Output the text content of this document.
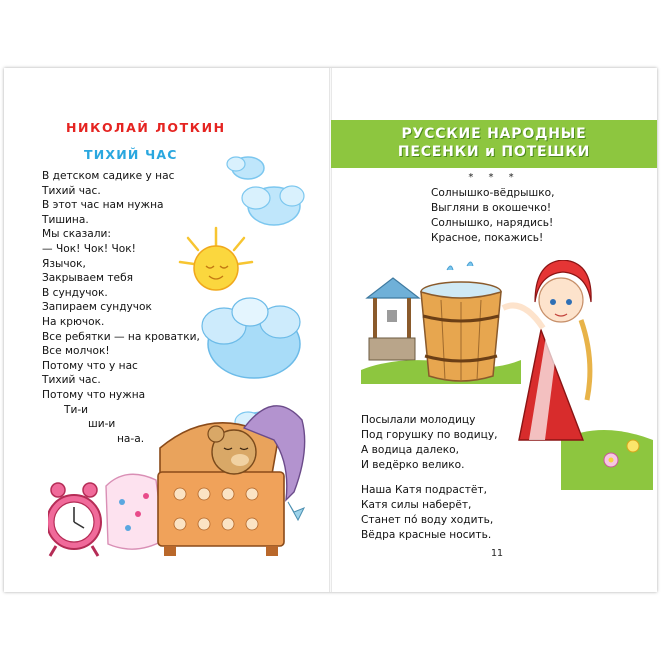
НИКОЛАЙ ЛОТКИН
ТИХИЙ ЧАС
В детском садике у нас
Тихий час.
В этот час нам нужна
Тишина.
Мы сказали:
— Чок! Чок! Чок!
Язычок,
Закрываем тебя
В сундучок.
Запираем сундучок
На крючок.
Все ребятки — на кроватки,
Все молчок!
Потому что у нас
Тихий час.
Потому что нужна
Ти-и
ши-и
на-а.
РУССКИЕ НАРОДНЫЕ
ПЕСЕНКИ и ПОТЕШКИ
* * *
Солнышко-вёдрышко,
Выгляни в окошечко!
Солнышко, нарядись!
Красное, покажись!
Посылали молодицу
Под горушку по водицу,
А водица далеко,
И ведёрко велико.
Наша Катя подрастёт,
Катя силы наберёт,
Станет по́ воду ходить,
Вёдра красные носить.
11
